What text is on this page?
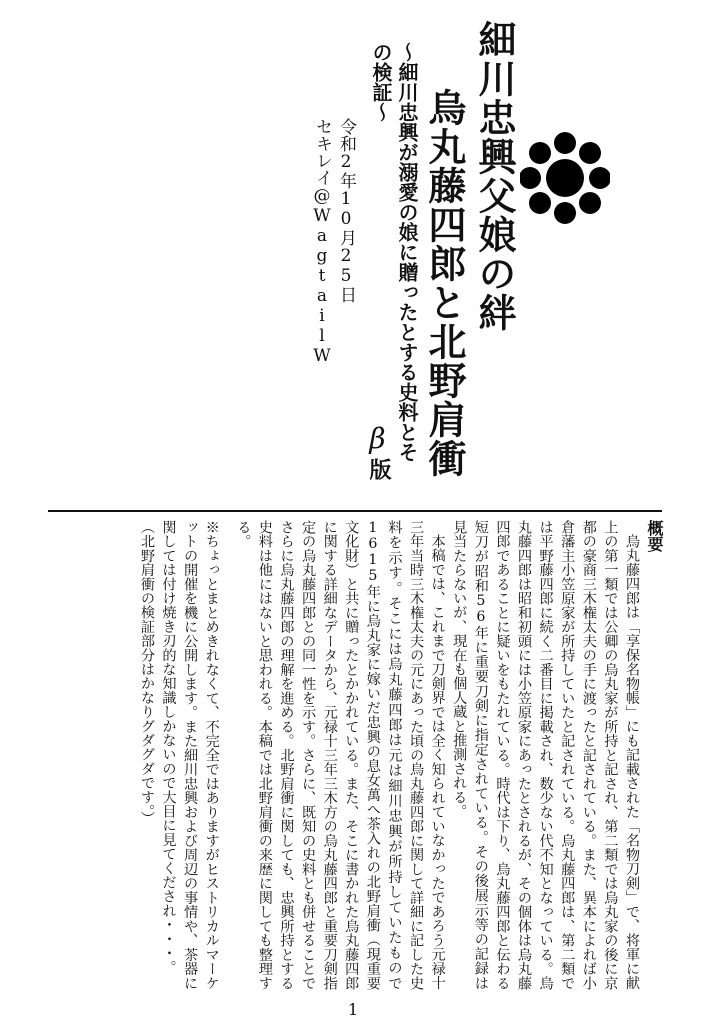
細川忠興父娘の絆
烏丸藤四郎と北野肩衝
～細川忠興が溺愛の娘に贈ったとする史料とその検証～
β
版
令和2年10月25日
セキレイ@WagtailW
概要

烏丸藤四郎は「享保名物帳」にも記載された「名物刀剣」で、将軍に献上の第一類では公卿の烏丸家が所持と記され、第二類では烏丸家の後に京都の豪商三木権太夫の手に渡ったと記されている。また、異本によれば小倉藩主小笠原家が所持していたと記されている。烏丸藤四郎は、第二類では平野藤四郎に続く二番目に掲載され、数少ない代不知となっている。烏丸藤四郎は昭和初頭には小笠原家にあったとされるが、その個体は烏丸藤四郎であることに疑いをもたれている。時代は下り、烏丸藤四郎と伝わる短刀が昭和56年に重要刀剣に指定されている。その後展示等の記録は見当たらないが、現在も個人蔵と推測される。

本稿では、これまで刀剣界では全く知られていなかったであろう元禄十三年当時三木権太夫の元にあった頃の烏丸藤四郎に関して詳細に記した史料を示す。そこには烏丸藤四郎は元は細川忠興が所持していたもので1615年に烏丸家に嫁いだ忠興の息女萬へ茶入れの北野肩衝（現重要文化財）と共に贈ったとかかれている。また、そこに書かれた烏丸藤四郎に関する詳細なデータから、元禄十三年三木方の烏丸藤四郎と重要刀剣指定の烏丸藤四郎との同一性を示す。さらに、既知の史料とも併せることでさらに烏丸藤四郎の理解を進める。北野肩衝に関しても、忠興所持とする史料は他にはないと思われる。本稿では北野肩衝の来歴に関しても整理する。

※ちょっとまとめきれなくて、不完全ではありますがヒストリカルマーケットの開催を機に公開します。また細川忠興および周辺の事情や、茶器に関しては付け焼き刃的な知識しかないので大目に見てくだされ・・・。

（北野肩衝の検証部分はかなりグダグダです。）

1
